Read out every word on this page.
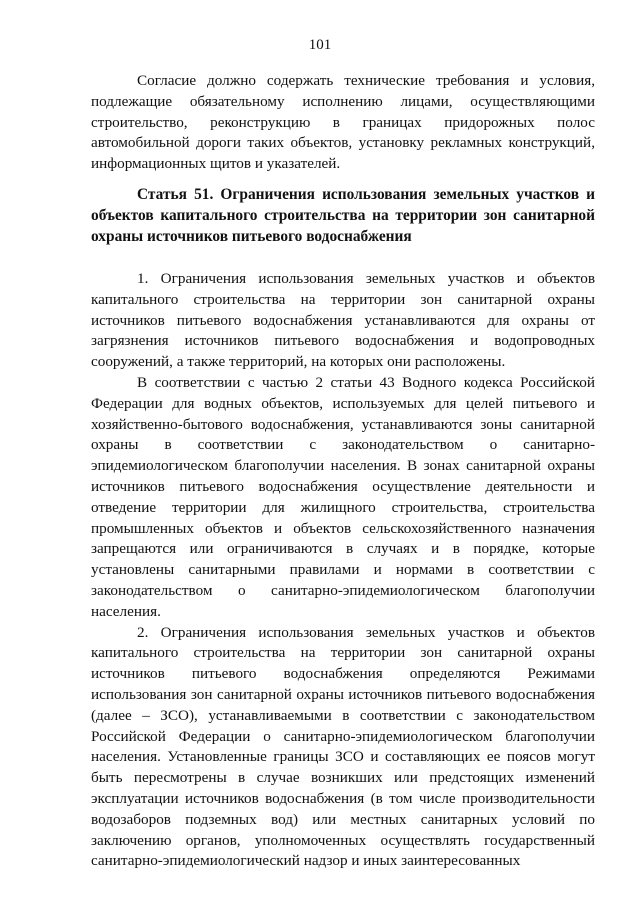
101

Согласие должно содержать технические требования и условия, подлежащие обязательному исполнению лицами, осуществляющими строительство, реконструкцию в границах придорожных полос автомобильной дороги таких объектов, установку рекламных конструкций, информационных щитов и указателей.

Статья 51. Ограничения использования земельных участков и объектов капитального строительства на территории зон санитарной охраны источников питьевого водоснабжения

1. Ограничения использования земельных участков и объектов капитального строительства на территории зон санитарной охраны источников питьевого водоснабжения устанавливаются для охраны от загрязнения источников питьевого водоснабжения и водопроводных сооружений, а также территорий, на которых они расположены.

В соответствии с частью 2 статьи 43 Водного кодекса Российской Федерации для водных объектов, используемых для целей питьевого и хозяйственно-бытового водоснабжения, устанавливаются зоны санитарной охраны в соответствии с законодательством о санитарно-эпидемиологическом благополучии населения. В зонах санитарной охраны источников питьевого водоснабжения осуществление деятельности и отведение территории для жилищного строительства, строительства промышленных объектов и объектов сельскохозяйственного назначения запрещаются или ограничиваются в случаях и в порядке, которые установлены санитарными правилами и нормами в соответствии с законодательством о санитарно-эпидемиологическом благополучии населения.

2. Ограничения использования земельных участков и объектов капитального строительства на территории зон санитарной охраны источников питьевого водоснабжения определяются Режимами использования зон санитарной охраны источников питьевого водоснабжения (далее – ЗСО), устанавливаемыми в соответствии с законодательством Российской Федерации о санитарно-эпидемиологическом благополучии населения. Установленные границы ЗСО и составляющих ее поясов могут быть пересмотрены в случае возникших или предстоящих изменений эксплуатации источников водоснабжения (в том числе производительности водозаборов подземных вод) или местных санитарных условий по заключению органов, уполномоченных осуществлять государственный санитарно-эпидемиологический надзор и иных заинтересованных
